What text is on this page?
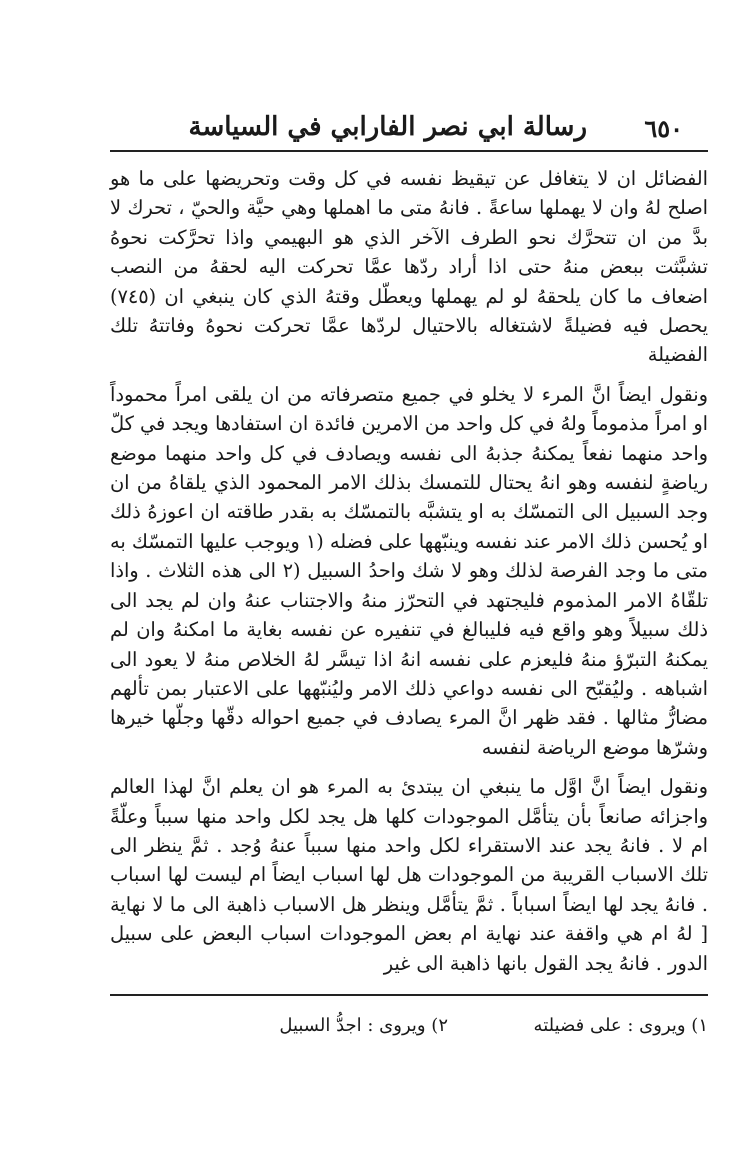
٦٥٠
رسالة ابي نصر الفارابي في السياسة

الفضائل ان لا يتغافل عن تيقيظ نفسه في كل وقت وتحريضها على ما هو اصلح لهُ وان لا يهملها ساعةً . فانهُ متى ما اهملها وهي حيَّة والحيّ ، تحرك لا بدَّ من ان تتحرَّك نحو الطرف الآخر الذي هو البهيمي واذا تحرَّكت نحوهُ تشبَّثت ببعض منهُ حتى اذا أراد ردّها عمَّا تحركت اليه لحقهُ من النصب اضعاف ما كان يلحقهُ لو لم يهملها ويعطّل وقتهُ الذي كان ينبغي ان (٧٤٥) يحصل فيه فضيلةً لاشتغاله بالاحتيال لردّها عمَّا تحركت نحوهُ وفاتتهُ تلك الفضيلة

ونقول ايضاً انَّ المرء لا يخلو في جميع متصرفاته من ان يلقى امراً محموداً او امراً مذموماً ولهُ في كل واحد من الامرين فائدة ان استفادها ويجد في كلّ واحد منهما نفعاً يمكنهُ جذبهُ الى نفسه ويصادف في كل واحد منهما موضع رياضةٍ لنفسه وهو انهُ يحتال للتمسك بذلك الامر المحمود الذي يلقاهُ من ان وجد السبيل الى التمسّك به او يتشبَّه بالتمسّك به بقدر طاقته ان اعوزهُ ذلك او يُحسن ذلك الامر عند نفسه وينبّهها على فضله (١ ويوجب عليها التمسّك به متى ما وجد الفرصة لذلك وهو لا شك واحدُ السبيل (٢ الى هذه الثلاث . واذا تلقّاهُ الامر المذموم فليجتهد في التحرّز منهُ والاجتناب عنهُ وان لم يجد الى ذلك سبيلاً وهو واقع فيه فليبالغ في تنفيره عن نفسه بغاية ما امكنهُ وان لم يمكنهُ التبرّؤ منهُ فليعزم على نفسه انهُ اذا تيسَّر لهُ الخلاص منهُ لا يعود الى اشباهه . وليُقبّح الى نفسه دواعي ذلك الامر وليُنبّهها على الاعتبار بمن تألهم مضارُّ مثالها . فقد ظهر انَّ المرء يصادف في جميع احواله دقّها وجلّها خيرها وشرّها موضع الرياضة لنفسه

ونقول ايضاً انَّ اوَّل ما ينبغي ان يبتدئ به المرء هو ان يعلم انَّ لهذا العالم واجزائه صانعاً بأن يتأمَّل الموجودات كلها هل يجد لكل واحد منها سبباً وعلّةً ام لا . فانهُ يجد عند الاستقراء لكل واحد منها سبباً عنهُ وُجد . ثمَّ ينظر الى تلك الاسباب القريبة من الموجودات هل لها اسباب ايضاً ام ليست لها اسباب . فانهُ يجد لها ايضاً اسباباً . ثمَّ يتأمَّل وينظر هل الاسباب ذاهبة الى ما لا نهاية [ لهُ ام هي واقفة عند نهاية ام بعض الموجودات اسباب البعض على سبيل الدور . فانهُ يجد القول بانها ذاهبة الى غير

١) ويروى : على فضيلته
٢) ويروى : اجدُّ السبيل
